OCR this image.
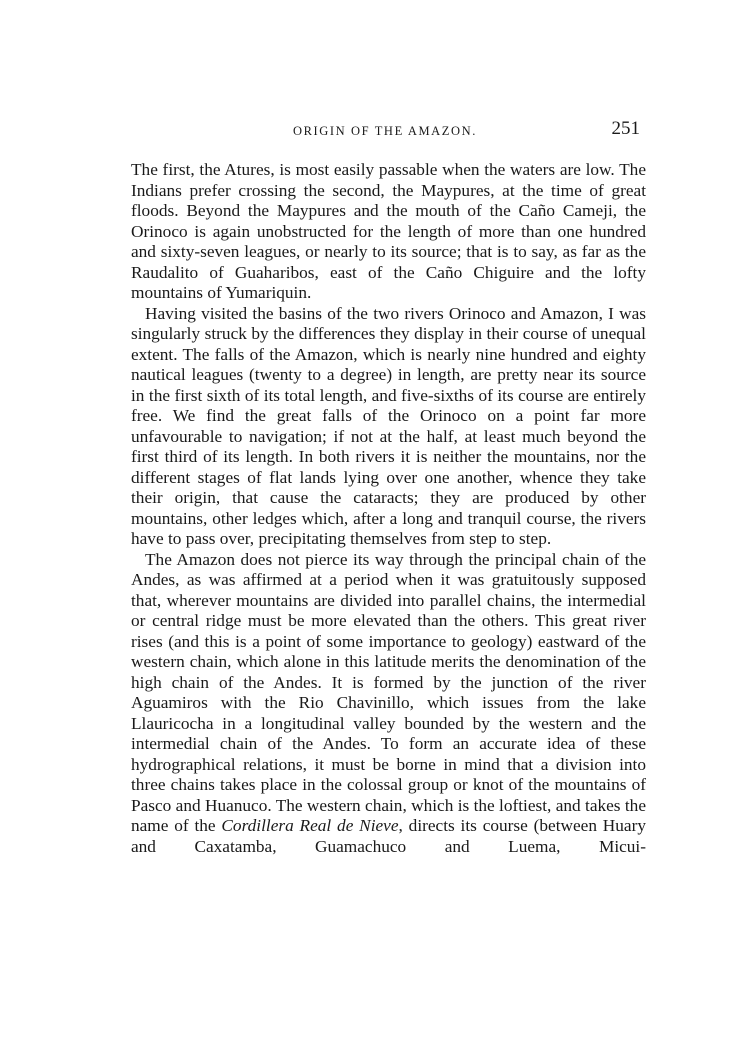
ORIGIN OF THE AMAZON.	251

The first, the Atures, is most easily passable when the waters are low. The Indians prefer crossing the second, the Maypures, at the time of great floods. Beyond the Maypures and the mouth of the Caño Cameji, the Orinoco is again unobstructed for the length of more than one hundred and sixty-seven leagues, or nearly to its source; that is to say, as far as the Raudalito of Guaharibos, east of the Caño Chiguire and the lofty mountains of Yumariquin.

Having visited the basins of the two rivers Orinoco and Amazon, I was singularly struck by the differences they display in their course of unequal extent. The falls of the Amazon, which is nearly nine hundred and eighty nautical leagues (twenty to a degree) in length, are pretty near its source in the first sixth of its total length, and five-sixths of its course are entirely free. We find the great falls of the Orinoco on a point far more unfavourable to navigation; if not at the half, at least much beyond the first third of its length. In both rivers it is neither the mountains, nor the different stages of flat lands lying over one another, whence they take their origin, that cause the cataracts; they are produced by other mountains, other ledges which, after a long and tranquil course, the rivers have to pass over, precipitating themselves from step to step.

The Amazon does not pierce its way through the principal chain of the Andes, as was affirmed at a period when it was gratuitously supposed that, wherever mountains are divided into parallel chains, the intermedial or central ridge must be more elevated than the others. This great river rises (and this is a point of some importance to geology) eastward of the western chain, which alone in this latitude merits the denomination of the high chain of the Andes. It is formed by the junction of the river Aguamiros with the Rio Chavinillo, which issues from the lake Llauricocha in a longitudinal valley bounded by the western and the intermedial chain of the Andes. To form an accurate idea of these hydrographical relations, it must be borne in mind that a division into three chains takes place in the colossal group or knot of the mountains of Pasco and Huanuco. The western chain, which is the loftiest, and takes the name of the Cordillera Real de Nieve, directs its course (between Huary and Caxatamba, Guamachuco and Luema, Micui-
